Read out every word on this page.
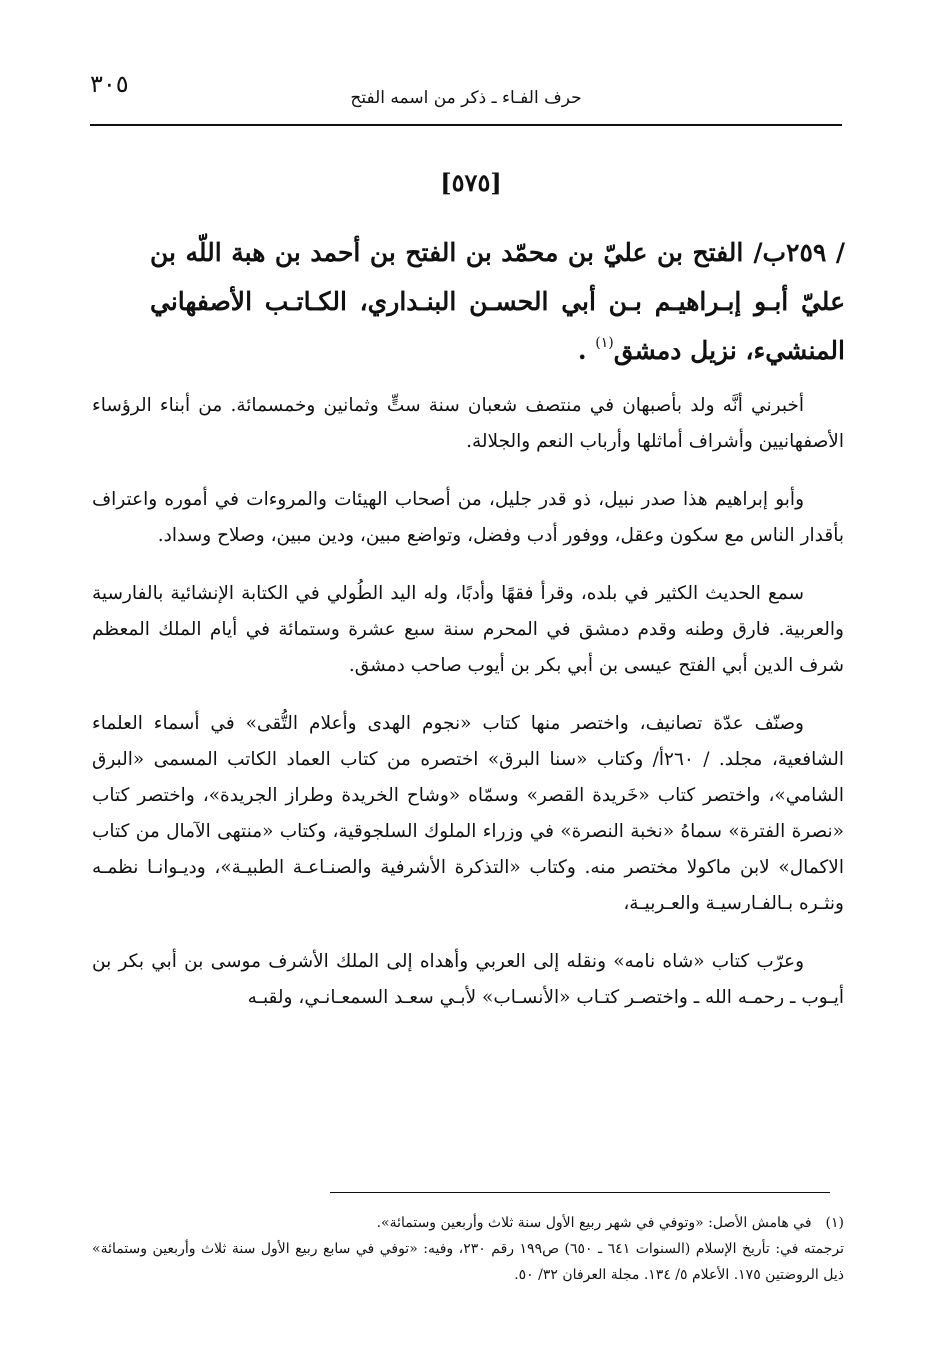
٣٠٥	حرف الفـاء ـ ذكر من اسمه الفتح
[٥٧٥]
/ ٢٥٩ب/الفتح بن عليّ بن محمّد بن الفتح بن أحمد بن هبة اللّه بن عليّ أبـو إبـراهيـم بـن أبي الحسـن البنـداري، الكـاتـب الأصفهاني المنشيء، نزيل دمشق$^{(١)}$ .

أخبرني أنَّه ولد بأصبهان في منتصف شعبان سنة ستٍّ وثمانين وخمسمائة. من أبناء الرؤساء الأصفهانيين وأشراف أماثلها وأرباب النعم والجلالة.

وأبو إبراهيم هذا صدر نبيل، ذو قدر جليل، من أصحاب الهيئات والمروءات في أموره واعتراف بأقدار الناس مع سكون وعقل، ووفور أدب وفضل، وتواضع مبين، ودين مبين، وصلاح وسداد.

سمع الحديث الكثير في بلده، وقرأ فقهًا وأدبًا، وله اليد الطُولي في الكتابة الإنشائية بالفارسية والعربية. فارق وطنه وقدم دمشق في المحرم سنة سبع عشرة وستمائة في أيام الملك المعظم شرف الدين أبي الفتح عيسى بن أبي بكر بن أيوب صاحب دمشق.

وصنّف عدّة تصانيف، واختصر منها كتاب «نجوم الهدى وأعلام التُّقى» في أسماء العلماء الشافعية، مجلد. / ٢٦٠أ/ وكتاب «سنا البرق» اختصره من كتاب العماد الكاتب المسمى «البرق الشامي»، واختصر كتاب «خَريدة القصر» وسمّاه «وشاح الخريدة وطراز الجريدة»، واختصر كتاب «نصرة الفترة» سماهُ «نخبة النصرة» في وزراء الملوك السلجوقية، وكتاب «منتهى الآمال من كتاب الاكمال» لابن ماكولا مختصر منه. وكتاب «التذكرة الأشرفية والصنـاعـة الطبيـة»، وديـوانـا نظمـه ونثـره بـالفـارسيـة والعـربيـة،

وعرّب كتاب «شاه نامه» ونقله إلى العربي وأهداه إلى الملك الأشرف موسى بن أبي بكر بن أيـوب ـ رحمـه الله ـ واختصـر كتـاب «الأنسـاب» لأبـي سعـد السمعـانـي، ولقبـه

(١)في هامش الأصل: «وتوفي في شهر ربيع الأول سنة ثلاث وأربعين وستمائة».

ترجمته في: تأريخ الإسلام (السنوات ٦٤١ ـ ٦٥٠) ص١٩٩ رقم ٢٣٠، وفيه: «توفي في سابع ربيع الأول سنة ثلاث وأربعين وستمائة» ذيل الروضتين ١٧٥. الأعلام ٥/ ١٣٤. مجلة العرفان ٣٢/ ٥٠.
